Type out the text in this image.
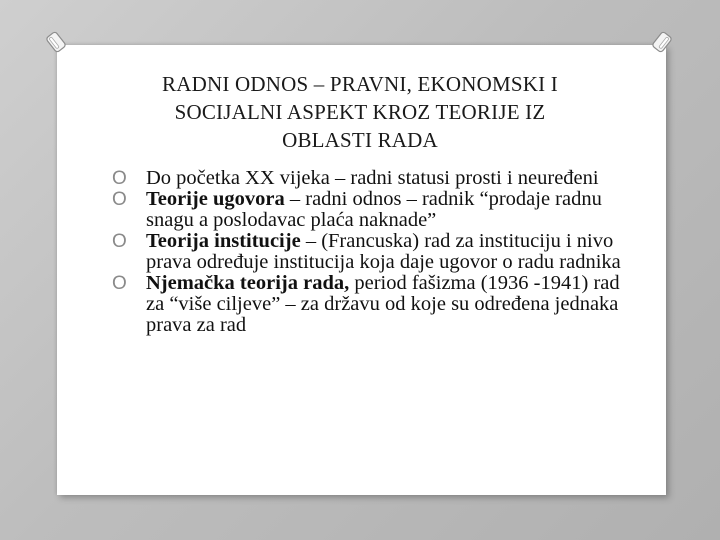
RADNI ODNOS – PRAVNI, EKONOMSKI I
SOCIJALNI ASPEKT KROZ TEORIJE IZ
OBLASTI RADA
O Do početka XX vijeka – radni statusi prosti i neuređeni
O Teorije ugovora – radni odnos – radnik “prodaje radnu snagu a poslodavac plaća naknade”
O Teorija institucije – (Francuska) rad za instituciju i nivo prava određuje institucija koja daje ugovor o radu radnika
O Njemačka teorija rada, period fašizma (1936 -1941) rad za “više ciljeve” – za državu od koje su određena jednaka prava za rad
